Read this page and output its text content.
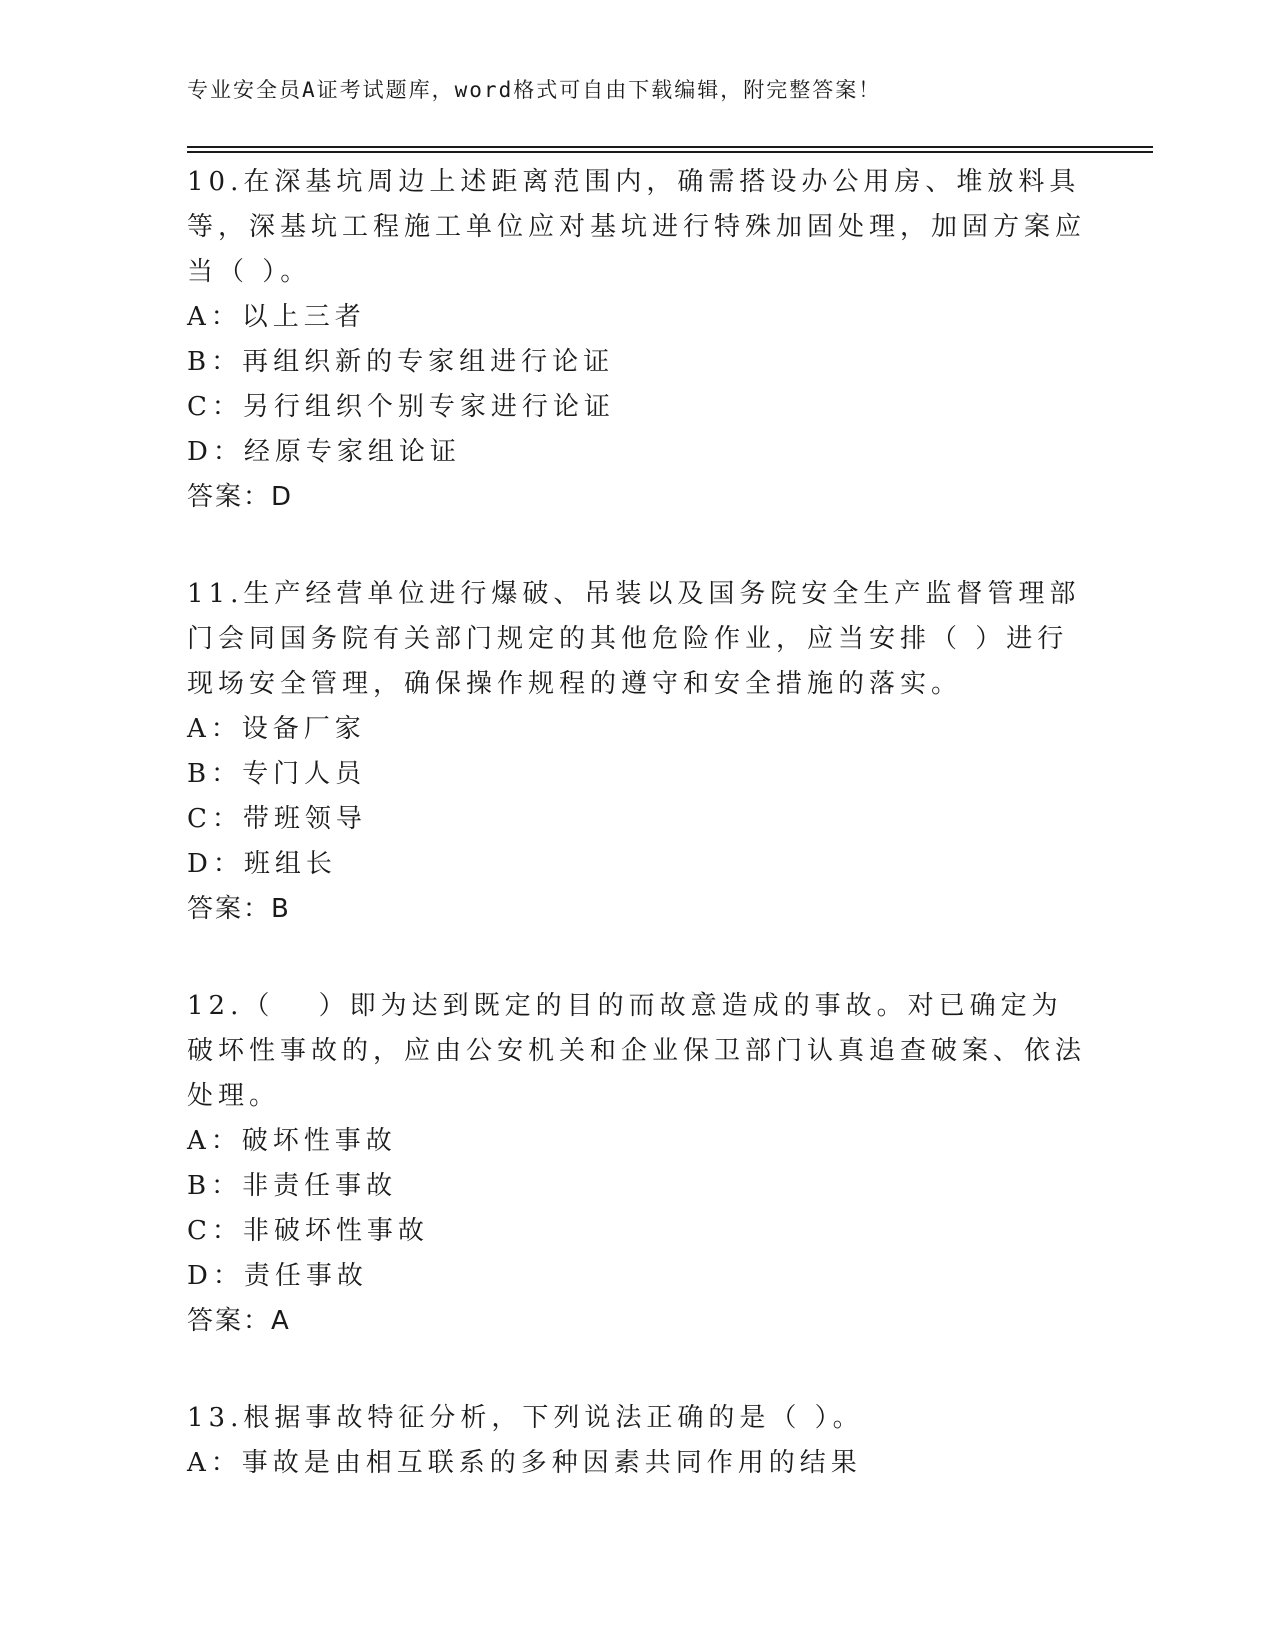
专业安全员A证考试题库，word格式可自由下载编辑，附完整答案！

10.在深基坑周边上述距离范围内，确需搭设办公用房、堆放料具等，深基坑工程施工单位应对基坑进行特殊加固处理，加固方案应当（ ）。

A：以上三者

B：再组织新的专家组进行论证

C：另行组织个别专家进行论证

D：经原专家组论证

答案：D

11.生产经营单位进行爆破、吊装以及国务院安全生产监督管理部门会同国务院有关部门规定的其他危险作业，应当安排（ ）进行现场安全管理，确保操作规程的遵守和安全措施的落实。

A：设备厂家

B：专门人员

C：带班领导

D：班组长

答案：B

12.（　 ）即为达到既定的目的而故意造成的事故。对已确定为破坏性事故的，应由公安机关和企业保卫部门认真追查破案、依法处理。

A：破坏性事故

B：非责任事故

C：非破坏性事故

D：责任事故

答案：A

13.根据事故特征分析，下列说法正确的是（ ）。

A：事故是由相互联系的多种因素共同作用的结果
